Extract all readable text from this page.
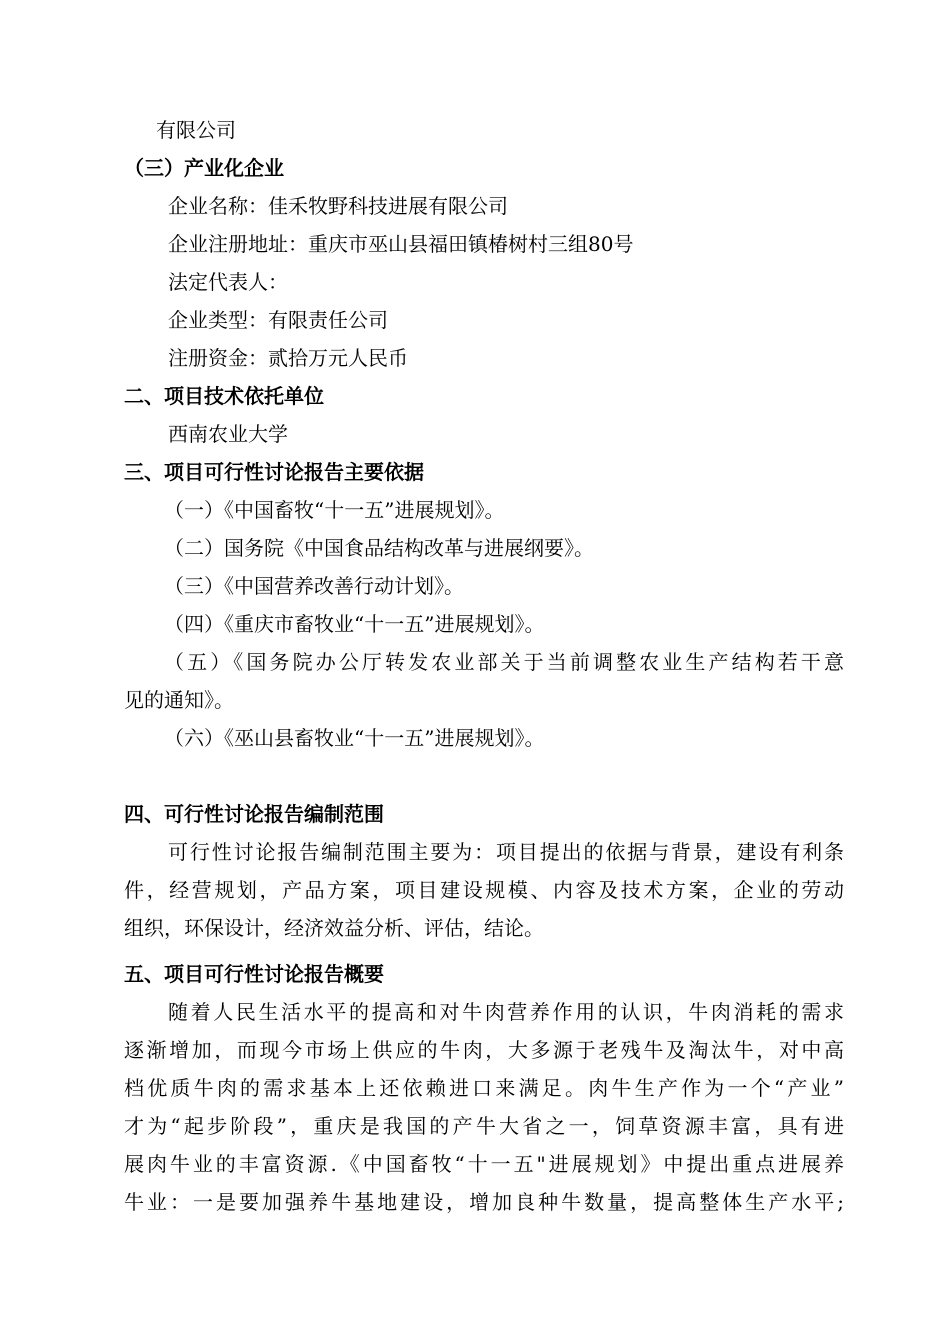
有限公司
（三）产业化企业
企业名称：佳禾牧野科技进展有限公司
企业注册地址：重庆市巫山县福田镇椿树村三组80号
法定代表人：
企业类型：有限责任公司
注册资金：贰拾万元人民币
二、项目技术依托单位
西南农业大学
三、项目可行性讨论报告主要依据
（一）《中国畜牧“十一五”进展规划》。
（二）国务院《中国食品结构改革与进展纲要》。
（三）《中国营养改善行动计划》。
（四）《重庆市畜牧业“十一五”进展规划》。
（五）《国务院办公厅转发农业部关于当前调整农业生产结构若干意
见的通知》。
（六）《巫山县畜牧业“十一五”进展规划》。
四、可行性讨论报告编制范围
可行性讨论报告编制范围主要为：项目提出的依据与背景，建设有利条
件，经营规划，产品方案，项目建设规模、内容及技术方案，企业的劳动
组织，环保设计，经济效益分析、评估，结论。
五、项目可行性讨论报告概要
随着人民生活水平的提高和对牛肉营养作用的认识，牛肉消耗的需求
逐渐增加，而现今市场上供应的牛肉，大多源于老残牛及淘汰牛，对中高
档优质牛肉的需求基本上还依赖进口来满足。肉牛生产作为一个“产业”
才为“起步阶段”，重庆是我国的产牛大省之一，饲草资源丰富，具有进
展肉牛业的丰富资源.《中国畜牧“十一五"进展规划》中提出重点进展养
牛业：一是要加强养牛基地建设，增加良种牛数量，提高整体生产水平;
